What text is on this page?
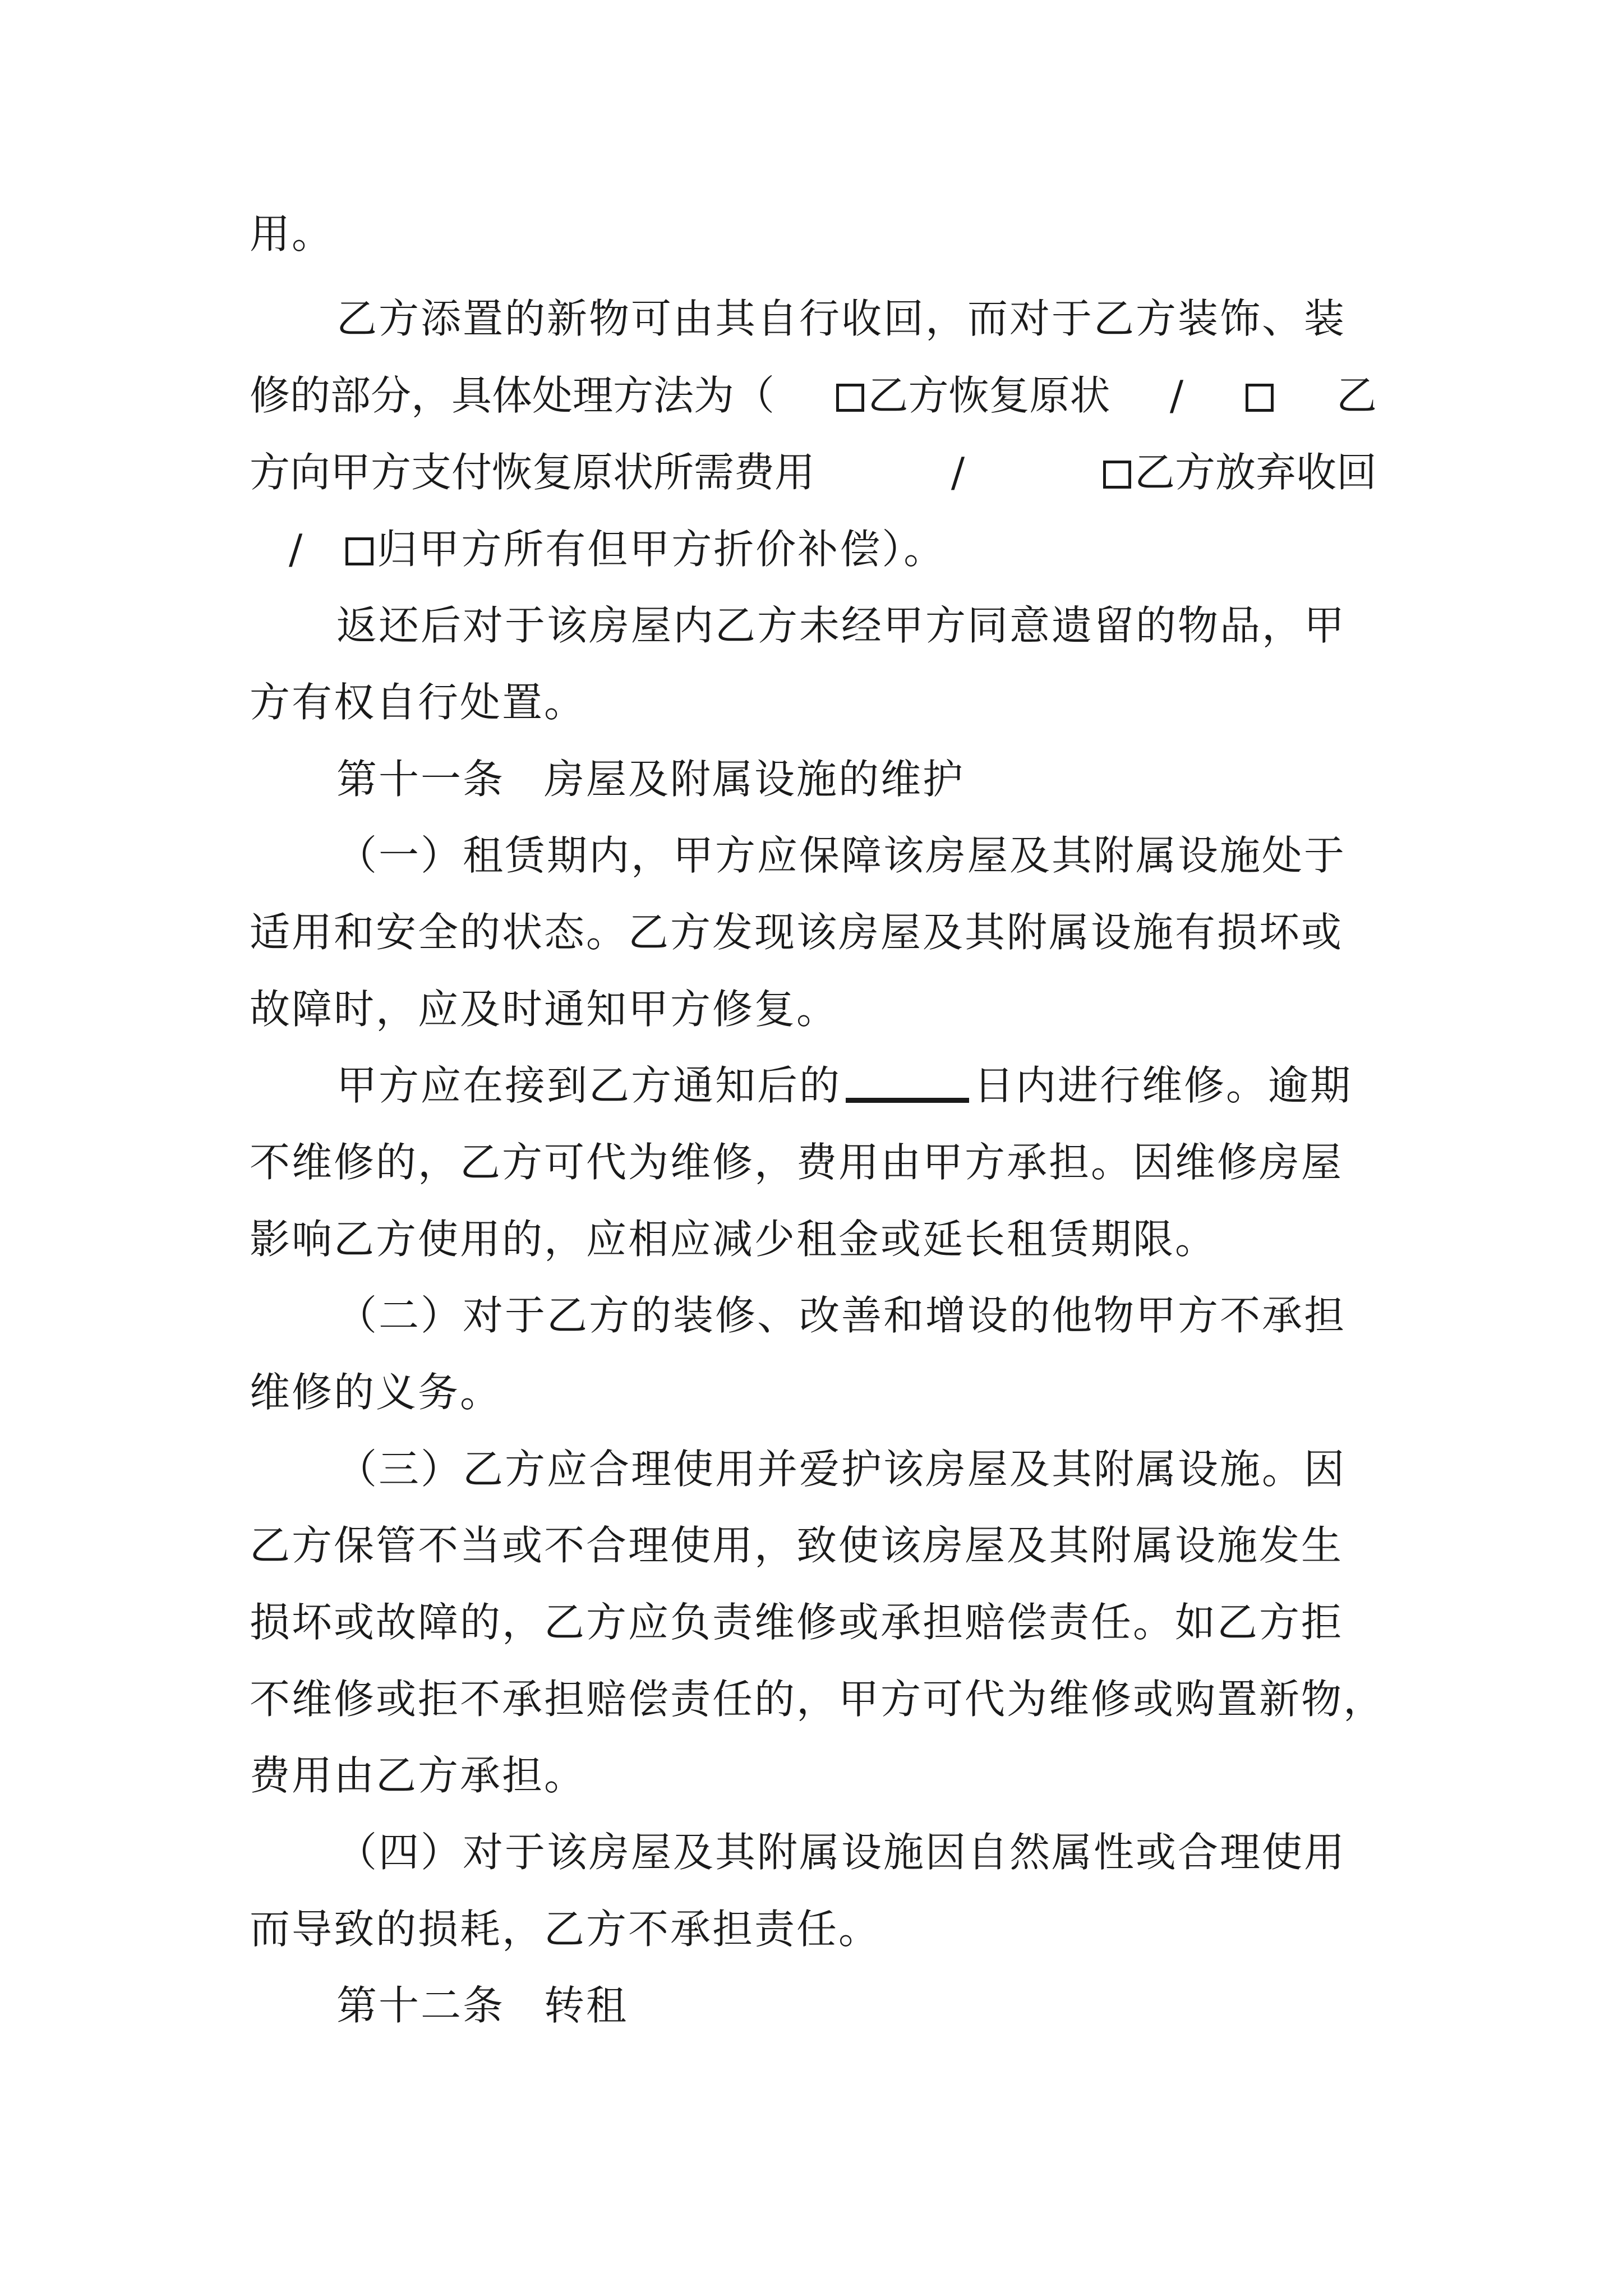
用。
乙方添置的新物可由其自行收回，而对于乙方装饰、装
修的部分，具体处理方法为（	乙方恢复原状 /	乙
方向甲方支付恢复原状所需费用	/	乙方放弃收回
/ 归甲方所有但甲方折价补偿）。
返还后对于该房屋内乙方未经甲方同意遗留的物品，甲
方有权自行处置。
第十一条 房屋及附属设施的维护
（一）租赁期内，甲方应保障该房屋及其附属设施处于
适用和安全的状态。乙方发现该房屋及其附属设施有损坏或
故障时，应及时通知甲方修复。
甲方应在接到乙方通知后的	日内进行维修。逾期
不维修的，乙方可代为维修，费用由甲方承担。因维修房屋
影响乙方使用的，应相应减少租金或延长租赁期限。
（二）对于乙方的装修、改善和增设的他物甲方不承担
维修的义务。
（三）乙方应合理使用并爱护该房屋及其附属设施。因
乙方保管不当或不合理使用，致使该房屋及其附属设施发生
损坏或故障的，乙方应负责维修或承担赔偿责任。如乙方拒
不维修或拒不承担赔偿责任的，甲方可代为维修或购置新物，
费用由乙方承担。
（四）对于该房屋及其附属设施因自然属性或合理使用
而导致的损耗，乙方不承担责任。
第十二条 转租
